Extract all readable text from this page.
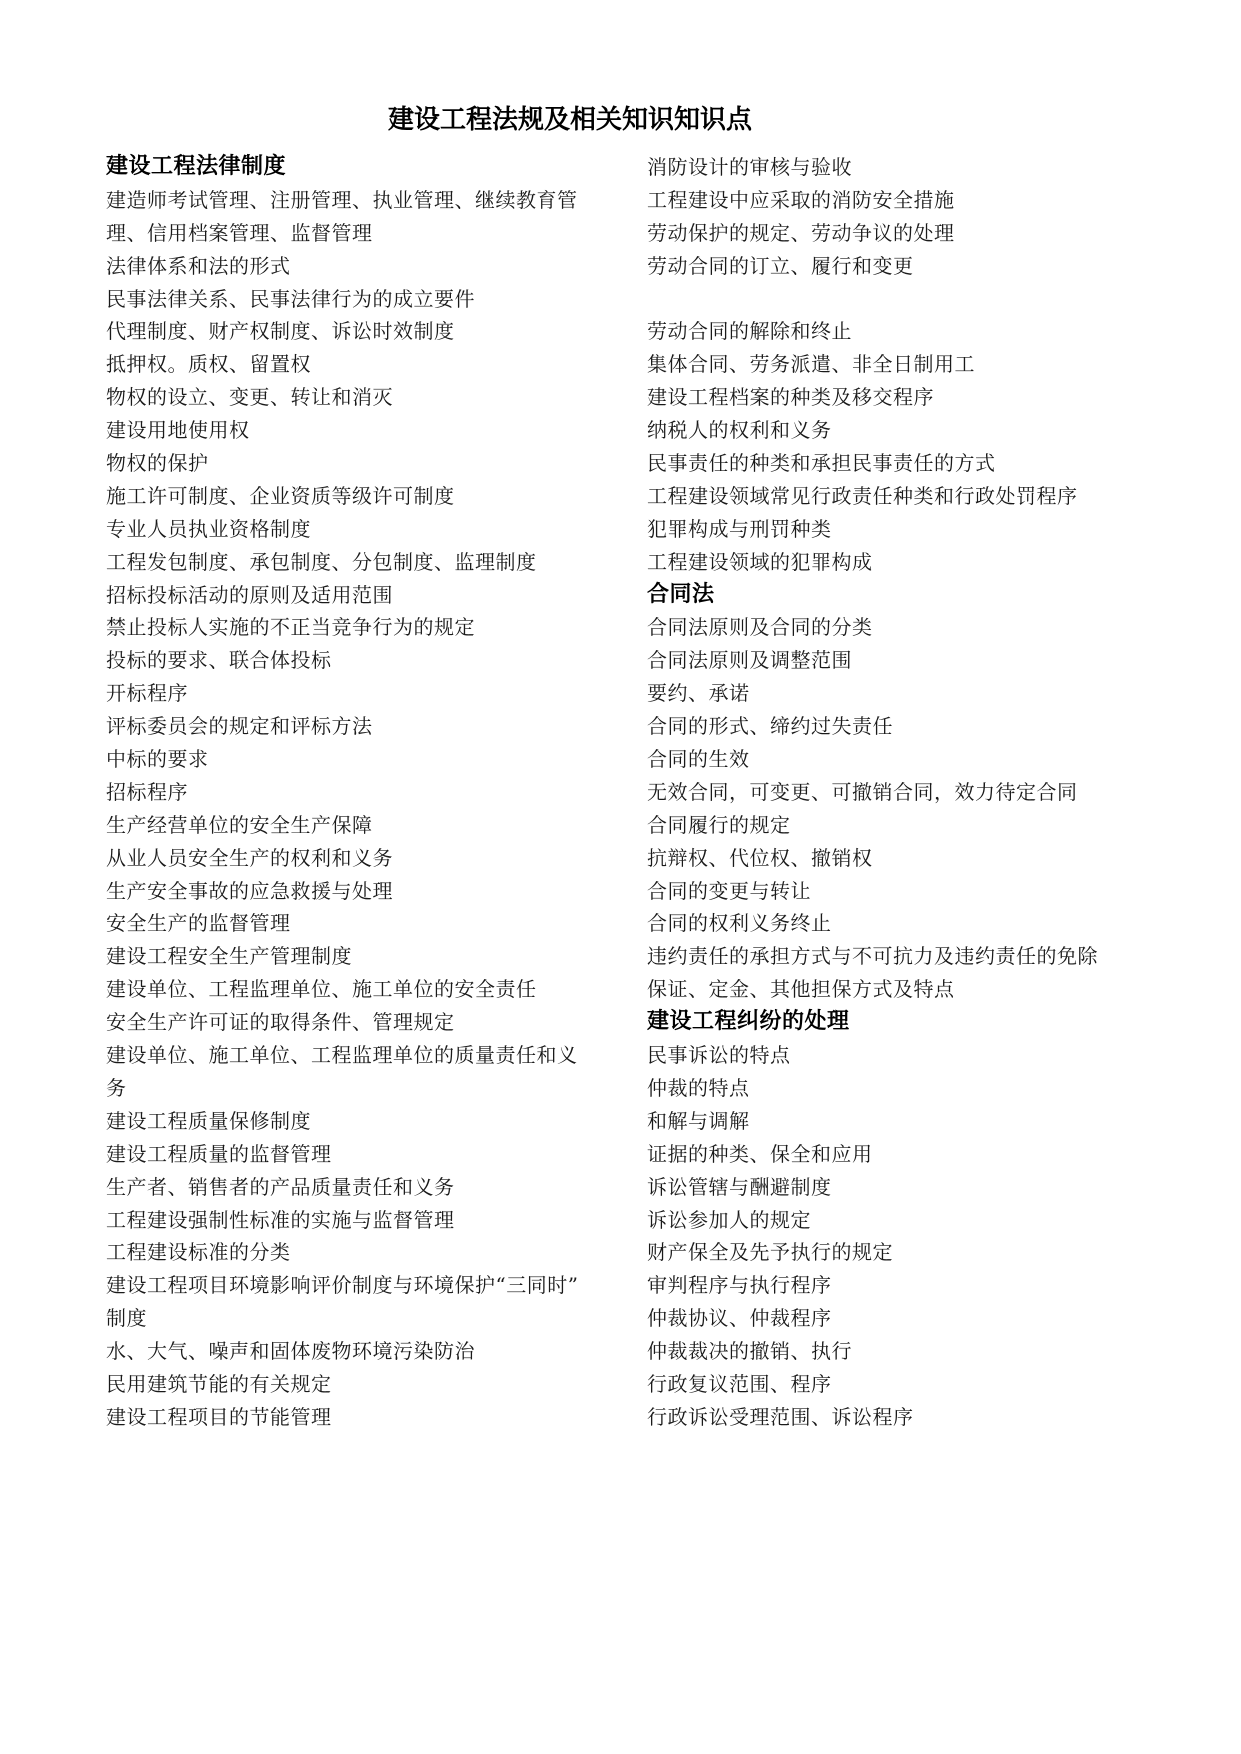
建设工程法规及相关知识知识点
建设工程法律制度
建造师考试管理、注册管理、执业管理、继续教育管
理、信用档案管理、监督管理
法律体系和法的形式
民事法律关系、民事法律行为的成立要件
代理制度、财产权制度、诉讼时效制度
抵押权。质权、留置权
物权的设立、变更、转让和消灭
建设用地使用权
物权的保护
施工许可制度、企业资质等级许可制度
专业人员执业资格制度
工程发包制度、承包制度、分包制度、监理制度
招标投标活动的原则及适用范围
禁止投标人实施的不正当竞争行为的规定
投标的要求、联合体投标
开标程序
评标委员会的规定和评标方法
中标的要求
招标程序
生产经营单位的安全生产保障
从业人员安全生产的权利和义务
生产安全事故的应急救援与处理
安全生产的监督管理
建设工程安全生产管理制度
建设单位、工程监理单位、施工单位的安全责任
安全生产许可证的取得条件、管理规定
建设单位、施工单位、工程监理单位的质量责任和义
务
建设工程质量保修制度
建设工程质量的监督管理
生产者、销售者的产品质量责任和义务
工程建设强制性标准的实施与监督管理
工程建设标准的分类
建设工程项目环境影响评价制度与环境保护“三同时”
制度
水、大气、噪声和固体废物环境污染防治
民用建筑节能的有关规定
建设工程项目的节能管理
消防设计的审核与验收
工程建设中应采取的消防安全措施
劳动保护的规定、劳动争议的处理
劳动合同的订立、履行和变更
劳动合同的解除和终止
集体合同、劳务派遣、非全日制用工
建设工程档案的种类及移交程序
纳税人的权利和义务
民事责任的种类和承担民事责任的方式
工程建设领域常见行政责任种类和行政处罚程序
犯罪构成与刑罚种类
工程建设领域的犯罪构成
合同法
合同法原则及合同的分类
合同法原则及调整范围
要约、承诺
合同的形式、缔约过失责任
合同的生效
无效合同，可变更、可撤销合同，效力待定合同
合同履行的规定
抗辩权、代位权、撤销权
合同的变更与转让
合同的权利义务终止
违约责任的承担方式与不可抗力及违约责任的免除
保证、定金、其他担保方式及特点
建设工程纠纷的处理
民事诉讼的特点
仲裁的特点
和解与调解
证据的种类、保全和应用
诉讼管辖与酬避制度
诉讼参加人的规定
财产保全及先予执行的规定
审判程序与执行程序
仲裁协议、仲裁程序
仲裁裁决的撤销、执行
行政复议范围、程序
行政诉讼受理范围、诉讼程序
